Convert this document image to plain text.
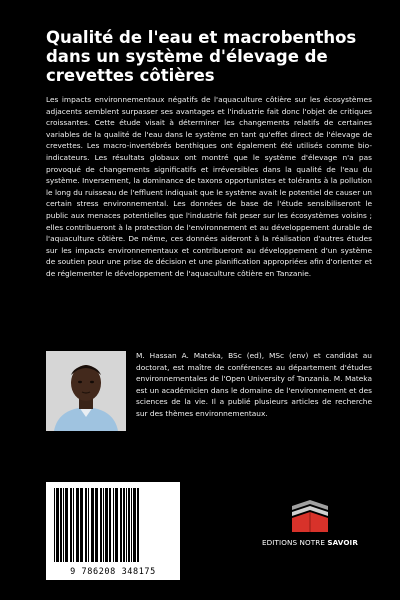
Qualité de l'eau et macrobenthos dans un système d'élevage de crevettes côtières

Les impacts environnementaux négatifs de l'aquaculture côtière sur les écosystèmes adjacents semblent surpasser ses avantages et l'industrie fait donc l'objet de critiques croissantes. Cette étude visait à déterminer les changements relatifs de certaines variables de la qualité de l'eau dans le système en tant qu'effet direct de l'élevage de crevettes. Les macro-invertébrés benthiques ont également été utilisés comme bio-indicateurs. Les résultats globaux ont montré que le système d'élevage n'a pas provoqué de changements significatifs et irréversibles dans la qualité de l'eau du système. Inversement, la dominance de taxons opportunistes et tolérants à la pollution le long du ruisseau de l'effluent indiquait que le système avait le potentiel de causer un certain stress environnemental. Les données de base de l'étude sensibiliseront le public aux menaces potentielles que l'industrie fait peser sur les écosystèmes voisins ; elles contribueront à la protection de l'environnement et au développement durable de l'aquaculture côtière. De même, ces données aideront à la réalisation d'autres études sur les impacts environnementaux et contribueront au développement d'un système de soutien pour une prise de décision et une planification appropriées afin d'orienter et de réglementer le développement de l'aquaculture côtière en Tanzanie.

M. Hassan A. Mateka, BSc (ed), MSc (env) et candidat au doctorat, est maître de conférences au département d'études environnementales de l'Open University of Tanzania. M. Mateka est un académicien dans le domaine de l'environnement et des sciences de la vie. Il a publié plusieurs articles de recherche sur des thèmes environnementaux.

9 786208 348175
EDITIONS NOTRE SAVOIR
